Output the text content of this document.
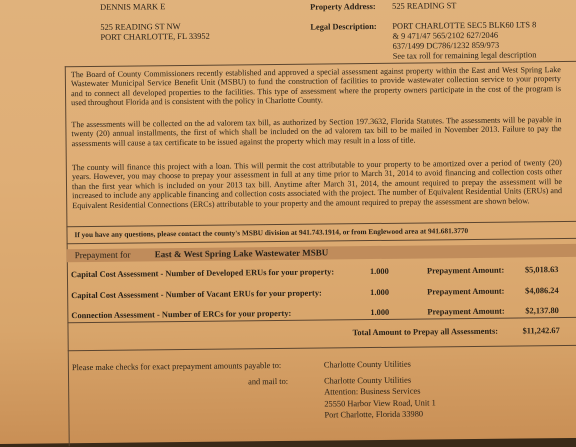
DENNIS MARK E
525 READING ST NW
PORT CHARLOTTE, FL 33952
Property Address: 525 READING ST
Legal Description: PORT CHARLOTTE SEC5 BLK60 LTS 8
& 9 471/47 565/2102 627/2046
637/1499 DC786/1232 859/973
See tax roll for remaining legal description
The Board of County Commissioners recently established and approved a special assessment against property within the East and West Spring Lake Wastewater Municipal Service Benefit Unit (MSBU) to fund the construction of facilities to provide wastewater collection service to your property and to connect all developed properties to the facilities. This type of assessment where the property owners participate in the cost of the program is used throughout Florida and is consistent with the policy in Charlotte County.
The assessments will be collected on the ad valorem tax bill, as authorized by Section 197.3632, Florida Statutes. The assessments will be payable in twenty (20) annual installments, the first of which shall be included on the ad valorem tax bill to be mailed in November 2013. Failure to pay the assessments will cause a tax certificate to be issued against the property which may result in a loss of title.
The county will finance this project with a loan. This will permit the cost attributable to your property to be amortized over a period of twenty (20) years. However, you may choose to prepay your assessment in full at any time prior to March 31, 2014 to avoid financing and collection costs other than the first year which is included on your 2013 tax bill. Anytime after March 31, 2014, the amount required to prepay the assessment will be increased to include any applicable financing and collection costs associated with the project. The number of Equivalent Residential Units (ERUs) and Equivalent Residential Connections (ERCs) attributable to your property and the amount required to prepay the assessment are shown below.
If you have any questions, please contact the county's MSBU division at 941.743.1914, or from Englewood area at 941.681.3770
Prepayment for	East & West Spring Lake Wastewater MSBU
Capital Cost Assessment - Number of Developed ERUs for your property:	1.000	Prepayment Amount: $5,018.63
Capital Cost Assessment - Number of Vacant ERUs for your property:	1.000	Prepayment Amount: $4,086.24
Connection Assessment - Number of ERCs for your property:	1.000	Prepayment Amount: $2,137.80
Total Amount to Prepay all Assessments:	$11,242.67
Please make checks for exact prepayment amounts payable to:	Charlotte County Utilities
and mail to:	Charlotte County Utilities
Attention: Business Services
25550 Harbor View Road, Unit 1
Port Charlotte, Florida 33980
